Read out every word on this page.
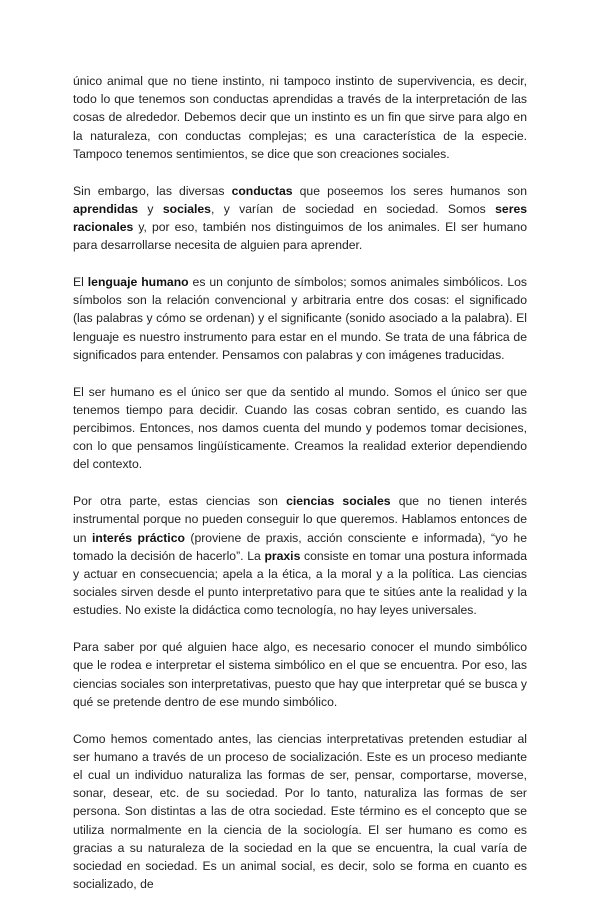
único animal que no tiene instinto, ni tampoco instinto de supervivencia, es decir, todo lo que tenemos son conductas aprendidas a través de la interpretación de las cosas de alrededor. Debemos decir que un instinto es un fin que sirve para algo en la naturaleza, con conductas complejas; es una característica de la especie. Tampoco tenemos sentimientos, se dice que son creaciones sociales.

Sin embargo, las diversas conductas que poseemos los seres humanos son aprendidas y sociales, y varían de sociedad en sociedad. Somos seres racionales y, por eso, también nos distinguimos de los animales. El ser humano para desarrollarse necesita de alguien para aprender.

El lenguaje humano es un conjunto de símbolos; somos animales simbólicos. Los símbolos son la relación convencional y arbitraria entre dos cosas: el significado (las palabras y cómo se ordenan) y el significante (sonido asociado a la palabra). El lenguaje es nuestro instrumento para estar en el mundo. Se trata de una fábrica de significados para entender. Pensamos con palabras y con imágenes traducidas.

El ser humano es el único ser que da sentido al mundo. Somos el único ser que tenemos tiempo para decidir. Cuando las cosas cobran sentido, es cuando las percibimos. Entonces, nos damos cuenta del mundo y podemos tomar decisiones, con lo que pensamos lingüísticamente. Creamos la realidad exterior dependiendo del contexto.

Por otra parte, estas ciencias son ciencias sociales que no tienen interés instrumental porque no pueden conseguir lo que queremos. Hablamos entonces de un interés práctico (proviene de praxis, acción consciente e informada), “yo he tomado la decisión de hacerlo”. La praxis consiste en tomar una postura informada y actuar en consecuencia; apela a la ética, a la moral y a la política. Las ciencias sociales sirven desde el punto interpretativo para que te sitúes ante la realidad y la estudies. No existe la didáctica como tecnología, no hay leyes universales.

Para saber por qué alguien hace algo, es necesario conocer el mundo simbólico que le rodea e interpretar el sistema simbólico en el que se encuentra. Por eso, las ciencias sociales son interpretativas, puesto que hay que interpretar qué se busca y qué se pretende dentro de ese mundo simbólico.

Como hemos comentado antes, las ciencias interpretativas pretenden estudiar al ser humano a través de un proceso de socialización. Este es un proceso mediante el cual un individuo naturaliza las formas de ser, pensar, comportarse, moverse, sonar, desear, etc. de su sociedad. Por lo tanto, naturaliza las formas de ser persona. Son distintas a las de otra sociedad. Este término es el concepto que se utiliza normalmente en la ciencia de la sociología. El ser humano es como es gracias a su naturaleza de la sociedad en la que se encuentra, la cual varía de sociedad en sociedad. Es un animal social, es decir, solo se forma en cuanto es socializado, de
